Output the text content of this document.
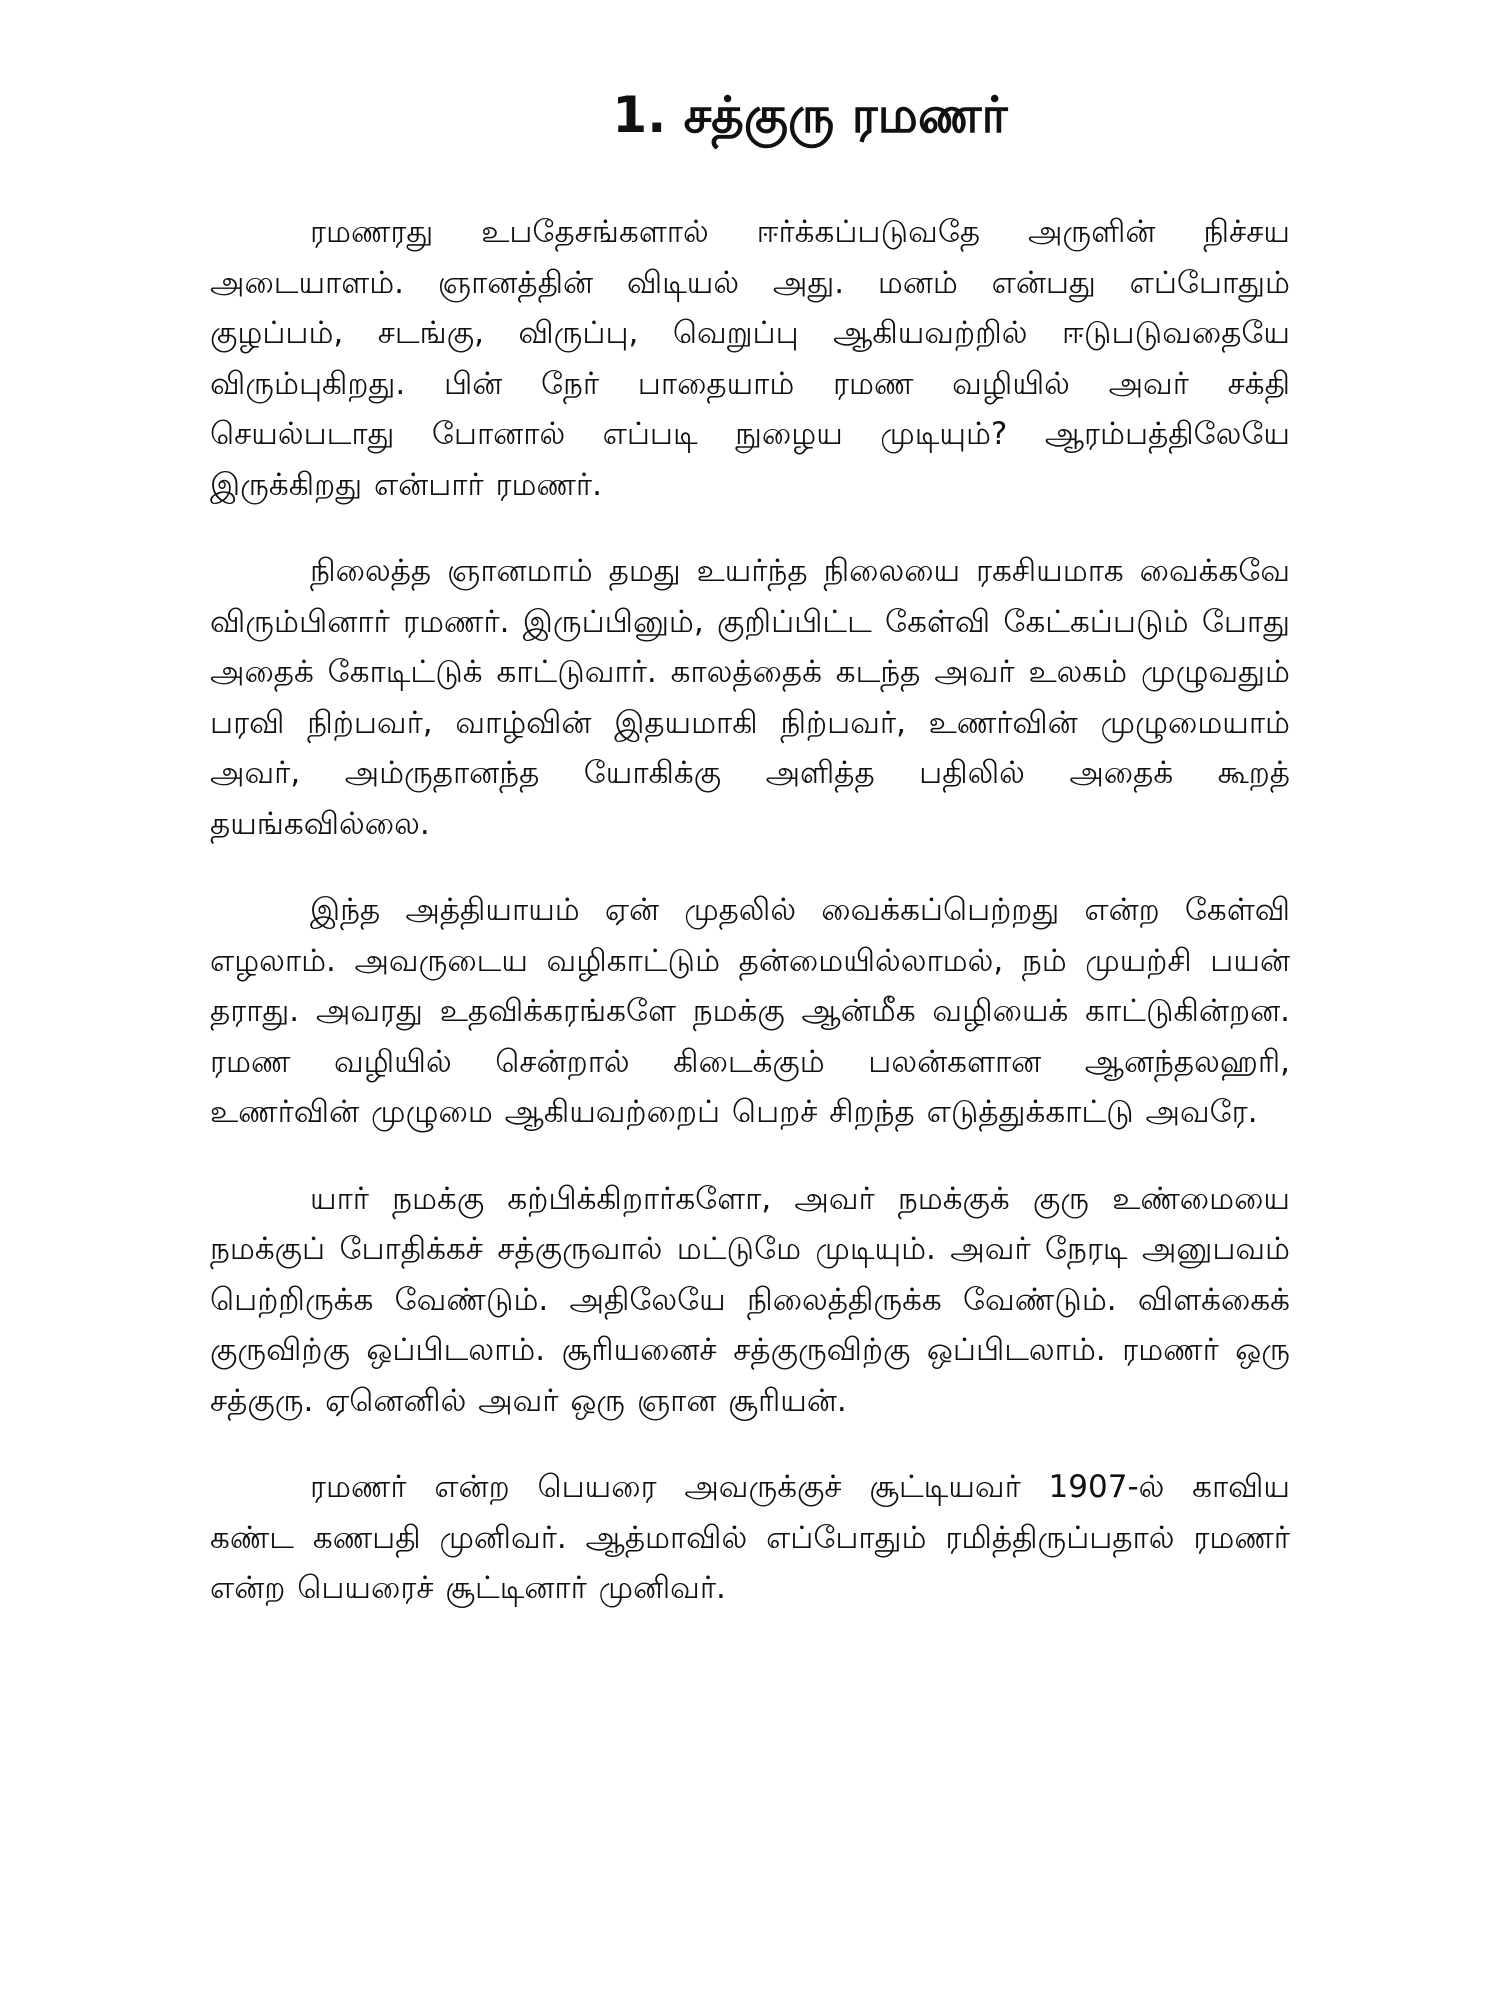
1. சத்குரு ரமணர்

ரமணரது உபதேசங்களால் ஈர்க்கப்படுவதே அருளின் நிச்சய அடையாளம். ஞானத்தின் விடியல் அது. மனம் என்பது எப்போதும் குழப்பம், சடங்கு, விருப்பு, வெறுப்பு ஆகியவற்றில் ஈடுபடுவதையே விரும்புகிறது. பின் நேர் பாதையாம் ரமண வழியில் அவர் சக்தி செயல்படாது போனால் எப்படி நுழைய முடியும்? ஆரம்பத்திலேயே இருக்கிறது என்பார் ரமணர்.

நிலைத்த ஞானமாம் தமது உயர்ந்த நிலையை ரகசியமாக வைக்கவே விரும்பினார் ரமணர். இருப்பினும், குறிப்பிட்ட கேள்வி கேட்கப்படும் போது அதைக் கோடிட்டுக் காட்டுவார். காலத்தைக் கடந்த அவர் உலகம் முழுவதும் பரவி நிற்பவர், வாழ்வின் இதயமாகி நிற்பவர், உணர்வின் முழுமையாம் அவர், அம்ருதானந்த யோகிக்கு அளித்த பதிலில் அதைக் கூறத் தயங்கவில்லை.

இந்த அத்தியாயம் ஏன் முதலில் வைக்கப்பெற்றது என்ற கேள்வி எழலாம். அவருடைய வழிகாட்டும் தன்மையில்லாமல், நம் முயற்சி பயன் தராது. அவரது உதவிக்கரங்களே நமக்கு ஆன்மீக வழியைக் காட்டுகின்றன. ரமண வழியில் சென்றால் கிடைக்கும் பலன்களான ஆனந்தலஹரி, உணர்வின் முழுமை ஆகியவற்றைப் பெறச் சிறந்த எடுத்துக்காட்டு அவரே.

யார் நமக்கு கற்பிக்கிறார்களோ, அவர் நமக்குக் குரு உண்மையை நமக்குப் போதிக்கச் சத்குருவால் மட்டுமே முடியும். அவர் நேரடி அனுபவம் பெற்றிருக்க வேண்டும். அதிலேயே நிலைத்திருக்க வேண்டும். விளக்கைக் குருவிற்கு ஒப்பிடலாம். சூரியனைச் சத்குருவிற்கு ஒப்பிடலாம். ரமணர் ஒரு சத்குரு. ஏனெனில் அவர் ஒரு ஞான சூரியன்.

ரமணர் என்ற பெயரை அவருக்குச் சூட்டியவர் 1907-ல் காவிய கண்ட கணபதி முனிவர். ஆத்மாவில் எப்போதும் ரமித்திருப்பதால் ரமணர் என்ற பெயரைச் சூட்டினார் முனிவர்.
